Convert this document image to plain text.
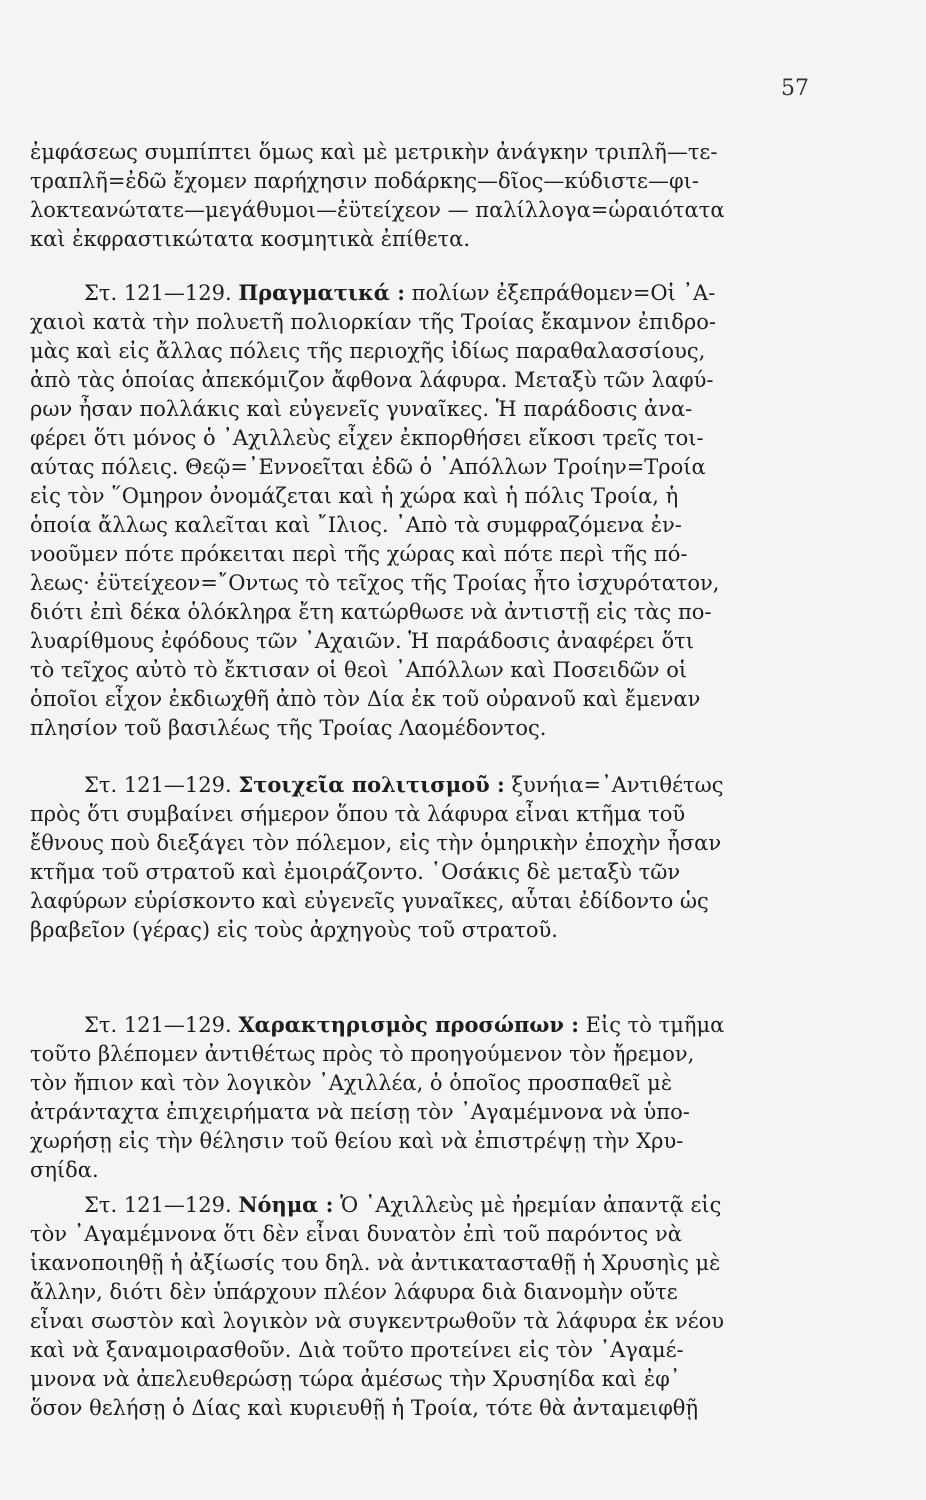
57
ἐμφάσεως συμπίπτει ὅμως καὶ μὲ μετρικὴν ἀνάγκην τριπλῆ—τε-
τραπλῆ=ἐδῶ ἔχομεν παρήχησιν ποδάρκης—δῖος—κύδιστε—φι-
λοκτεανώτατε—μεγάθυμοι—ἐϋτείχεον — παλίλλογα=ὡραιότατα
καὶ ἐκφραστικώτατα κοσμητικὰ ἐπίθετα.
Στ. 121—129. Πραγματικά : πολίων ἐξεπράθομεν=Οἱ ᾿Α-
χαιοὶ κατὰ τὴν πολυετῆ πολιορκίαν τῆς Τροίας ἔκαμνον ἐπιδρο-
μὰς καὶ εἰς ἄλλας πόλεις τῆς περιοχῆς ἰδίως παραθαλασσίους,
ἀπὸ τὰς ὁποίας ἀπεκόμιζον ἄφθονα λάφυρα. Μεταξὺ τῶν λαφύ-
ρων ἦσαν πολλάκις καὶ εὐγενεῖς γυναῖκες. Ἡ παράδοσις ἀνα-
φέρει ὅτι μόνος ὁ ᾿Αχιλλεὺς εἶχεν ἐκπορθήσει εἴκοσι τρεῖς τοι-
αύτας πόλεις. Θεῷ=᾿Εννοεῖται ἐδῶ ὁ ᾿Απόλλων Τροίην=Τροία
εἰς τὸν ῞Ομηρον ὀνομάζεται καὶ ἡ χώρα καὶ ἡ πόλις Τροία, ἡ
ὁποία ἄλλως καλεῖται καὶ ῎Ιλιος. ᾿Απὸ τὰ συμφραζόμενα ἐν-
νοοῦμεν πότε πρόκειται περὶ τῆς χώρας καὶ πότε περὶ τῆς πό-
λεως· ἐϋτείχεον=῎Οντως τὸ τεῖχος τῆς Τροίας ἦτο ἰσχυρότατον,
διότι ἐπὶ δέκα ὁλόκληρα ἔτη κατώρθωσε νὰ ἀντιστῇ εἰς τὰς πο-
λυαρίθμους ἐφόδους τῶν ᾿Αχαιῶν. Ἡ παράδοσις ἀναφέρει ὅτι
τὸ τεῖχος αὐτὸ τὸ ἔκτισαν οἱ θεοὶ ᾿Απόλλων καὶ Ποσειδῶν οἱ
ὁποῖοι εἶχον ἐκδιωχθῆ ἀπὸ τὸν Δία ἐκ τοῦ οὐρανοῦ καὶ ἔμεναν
πλησίον τοῦ βασιλέως τῆς Τροίας Λαομέδοντος.
Στ. 121—129. Στοιχεῖα πολιτισμοῦ : ξυνήια=᾿Αντιθέτως
πρὸς ὅτι συμβαίνει σήμερον ὅπου τὰ λάφυρα εἶναι κτῆμα τοῦ
ἔθνους ποὺ διεξάγει τὸν πόλεμον, εἰς τὴν ὁμηρικὴν ἐποχὴν ἦσαν
κτῆμα τοῦ στρατοῦ καὶ ἐμοιράζοντο. ῾Οσάκις δὲ μεταξὺ τῶν
λαφύρων εὑρίσκοντο καὶ εὐγενεῖς γυναῖκες, αὗται ἐδίδοντο ὡς
βραβεῖον (γέρας) εἰς τοὺς ἀρχηγοὺς τοῦ στρατοῦ.
Στ. 121—129. Χαρακτηρισμὸς προσώπων : Εἰς τὸ τμῆμα
τοῦτο βλέπομεν ἀντιθέτως πρὸς τὸ προηγούμενον τὸν ἤρεμον,
τὸν ἤπιον καὶ τὸν λογικὸν ᾿Αχιλλέα, ὁ ὁποῖος προσπαθεῖ μὲ
ἀτράνταχτα ἐπιχειρήματα νὰ πείσῃ τὸν ᾿Αγαμέμνονα νὰ ὑπο-
χωρήσῃ εἰς τὴν θέλησιν τοῦ θείου καὶ νὰ ἐπιστρέψῃ τὴν Χρυ-
σηίδα.
Στ. 121—129. Νόημα : Ὁ ᾿Αχιλλεὺς μὲ ἠρεμίαν ἀπαντᾷ εἰς
τὸν ᾿Αγαμέμνονα ὅτι δὲν εἶναι δυνατὸν ἐπὶ τοῦ παρόντος νὰ
ἱκανοποιηθῇ ἡ ἀξίωσίς του δηλ. νὰ ἀντικατασταθῇ ἡ Χρυσηὶς μὲ
ἄλλην, διότι δὲν ὑπάρχουν πλέον λάφυρα διὰ διανομὴν οὔτε
εἶναι σωστὸν καὶ λογικὸν νὰ συγκεντρωθοῦν τὰ λάφυρα ἐκ νέου
καὶ νὰ ξαναμοιρασθοῦν. Διὰ τοῦτο προτείνει εἰς τὸν ᾿Αγαμέ-
μνονα νὰ ἀπελευθερώσῃ τώρα ἀμέσως τὴν Χρυσηίδα καὶ ἐφ᾿
ὅσον θελήσῃ ὁ Δίας καὶ κυριευθῇ ἡ Τροία, τότε θὰ ἀνταμειφθῇ
